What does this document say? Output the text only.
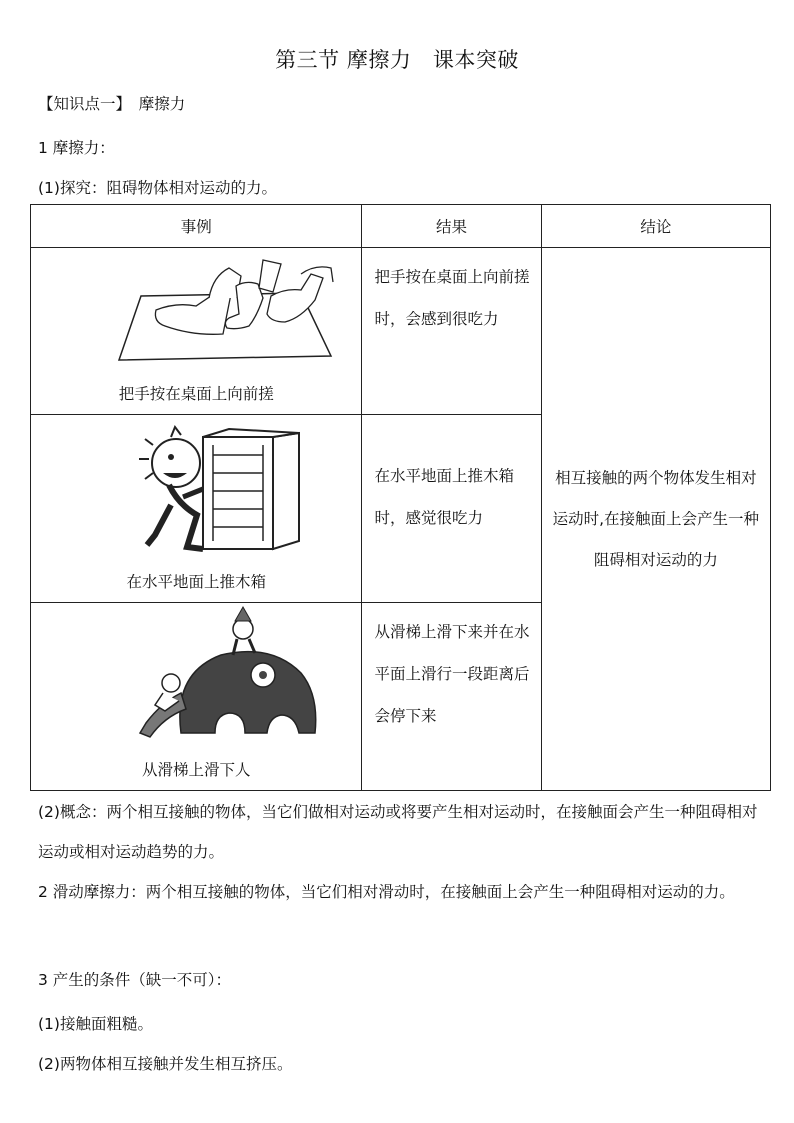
第三节 摩擦力　课本突破
【知识点一】　摩擦力
1 摩擦力：
(1)探究：阻碍物体相对运动的力。
事例	结果	结论

把手按在桌面上向前搓	把手按在桌面上向前搓时，会感到很吃力	相互接触的两个物体发生相对运动时,在接触面上会产生一种阻碍相对运动的力

在水平地面上推木箱	在水平地面上推木箱时，感觉很吃力	

从滑梯上滑下人	从滑梯上滑下来并在水平面上滑行一段距离后会停下来	
(2)概念：两个相互接触的物体，当它们做相对运动或将要产生相对运动时，在接触面会产生一种阻碍相对运动或相对运动趋势的力。
2 滑动摩擦力：两个相互接触的物体，当它们相对滑动时，在接触面上会产生一种阻碍相对运动的力。
3 产生的条件（缺一不可）：
(1)接触面粗糙。
(2)两物体相互接触并发生相互挤压。
